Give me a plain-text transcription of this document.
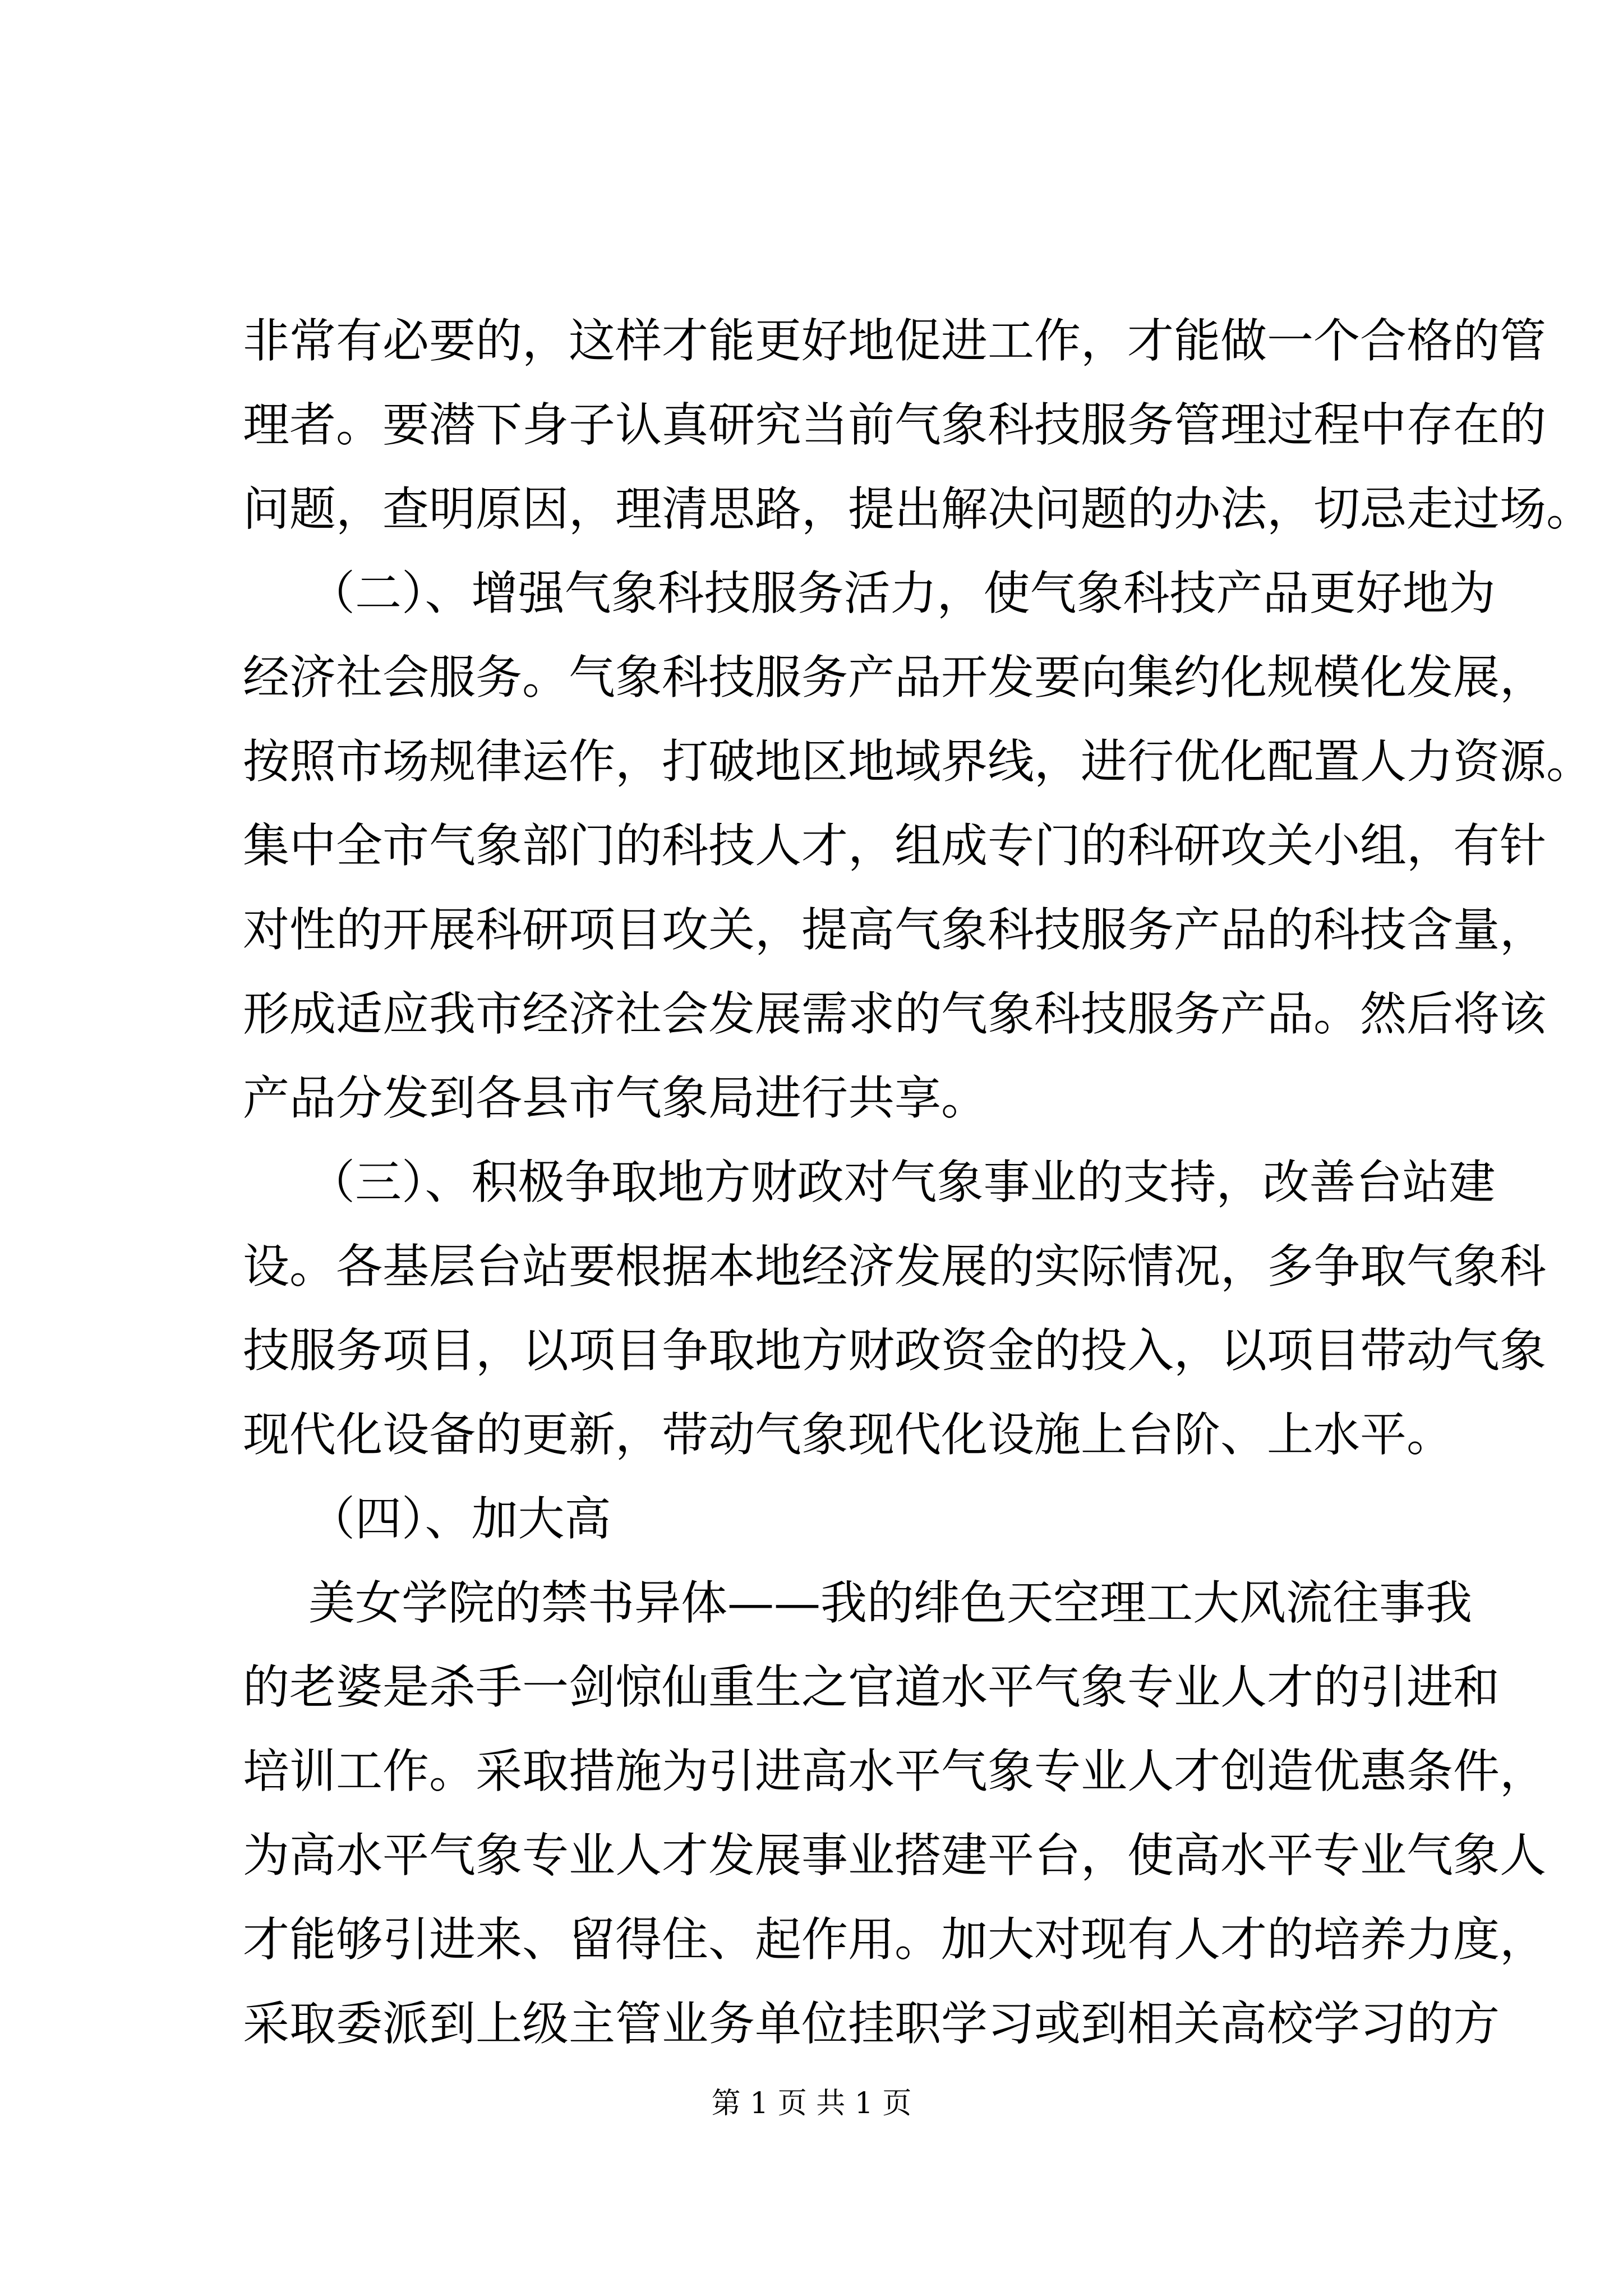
非常有必要的，这样才能更好地促进工作，才能做一个合格的管
理者。要潜下身子认真研究当前气象科技服务管理过程中存在的
问题，查明原因，理清思路，提出解决问题的办法，切忌走过场。
（二）、增强气象科技服务活力，使气象科技产品更好地为
经济社会服务。气象科技服务产品开发要向集约化规模化发展，
按照市场规律运作，打破地区地域界线，进行优化配置人力资源。
集中全市气象部门的科技人才，组成专门的科研攻关小组，有针
对性的开展科研项目攻关，提高气象科技服务产品的科技含量，
形成适应我市经济社会发展需求的气象科技服务产品。然后将该
产品分发到各县市气象局进行共享。
（三）、积极争取地方财政对气象事业的支持，改善台站建
设。各基层台站要根据本地经济发展的实际情况，多争取气象科
技服务项目，以项目争取地方财政资金的投入，以项目带动气象
现代化设备的更新，带动气象现代化设施上台阶、上水平。
（四）、加大高
美女学院的禁书异体——我的绯色天空理工大风流往事我
的老婆是杀手一剑惊仙重生之官道水平气象专业人才的引进和
培训工作。采取措施为引进高水平气象专业人才创造优惠条件，
为高水平气象专业人才发展事业搭建平台，使高水平专业气象人
才能够引进来、留得住、起作用。加大对现有人才的培养力度，
采取委派到上级主管业务单位挂职学习或到相关高校学习的方
第 1 页 共 1 页
